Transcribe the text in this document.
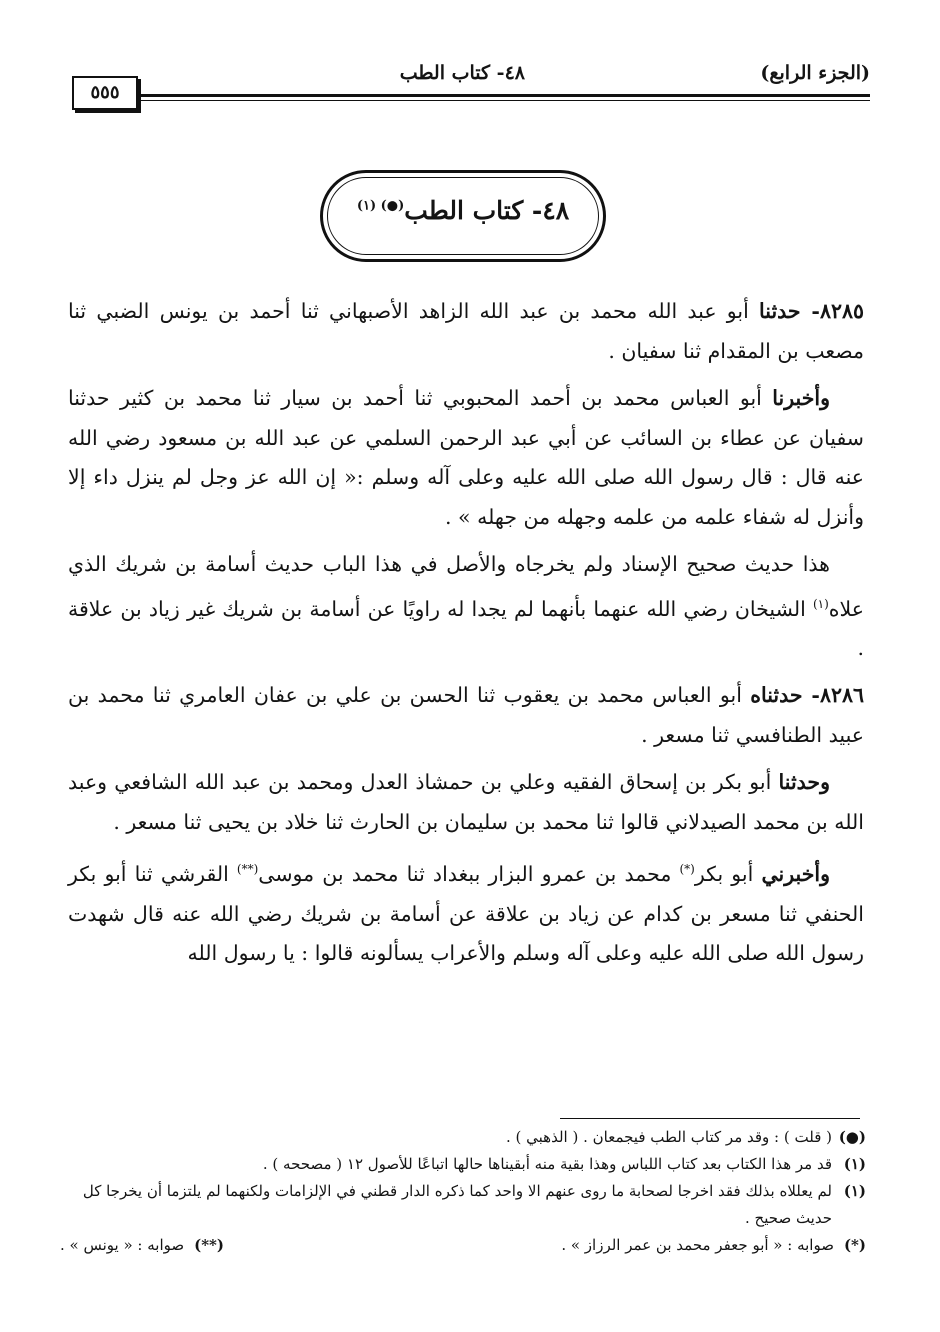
(الجزء الرابع)
٤٨- كتاب الطب
٥٥٥
٤٨- كتاب الطب$^{(●) (١)}$

٨٢٨٥- حدثنا أبو عبد الله محمد بن عبد الله الزاهد الأصبهاني ثنا أحمد بن يونس الضبي ثنا مصعب بن المقدام ثنا سفيان .

وأخبرنا أبو العباس محمد بن أحمد المحبوبي ثنا أحمد بن سيار ثنا محمد بن كثير حدثنا سفيان عن عطاء بن السائب عن أبي عبد الرحمن السلمي عن عبد الله بن مسعود رضي الله عنه قال : قال رسول الله صلى الله عليه وعلى آله وسلم :« إن الله عز وجل لم ينزل داء إلا وأنزل له شفاء علمه من علمه وجهله من جهله » .

هذا حديث صحيح الإسناد ولم يخرجاه والأصل في هذا الباب حديث أسامة بن شريك الذي علاه$^{(١)}$ الشيخان رضي الله عنهما بأنهما لم يجدا له راويًا عن أسامة بن شريك غير زياد بن علاقة .

٨٢٨٦- حدثناه أبو العباس محمد بن يعقوب ثنا الحسن بن علي بن عفان العامري ثنا محمد بن عبيد الطنافسي ثنا مسعر .

وحدثنا أبو بكر بن إسحاق الفقيه وعلي بن حمشاذ العدل ومحمد بن عبد الله الشافعي وعبد الله بن محمد الصيدلاني قالوا ثنا محمد بن سليمان بن الحارث ثنا خلاد بن يحيى ثنا مسعر .

وأخبرني أبو بكر(*) محمد بن عمرو البزار ببغداد ثنا محمد بن موسى(**) القرشي ثنا أبو بكر الحنفي ثنا مسعر بن كدام عن زياد بن علاقة عن أسامة بن شريك رضي الله عنه قال شهدت رسول الله صلى الله عليه وعلى آله وسلم والأعراب يسألونه قالوا : يا رسول الله

(●)
( قلت ) : وقد مر كتاب الطب فيجمعان . ( الذهبي ) .
(١)
قد مر هذا الكتاب بعد كتاب اللباس وهذا بقية منه أبقيناها حالها اتباعًا للأصول ١٢ ( مصححه ) .
(١)
لم يعللاه بذلك فقد اخرجا لصحابة ما روى عنهم الا واحد كما ذكره الدار قطني في الإلزامات ولكنهما لم يلتزما أن يخرجا كل حديث صحيح .
(*)صوابه : « أبو جعفر محمد بن عمر الرزاز » .
(**)صوابه : « يونس » .
